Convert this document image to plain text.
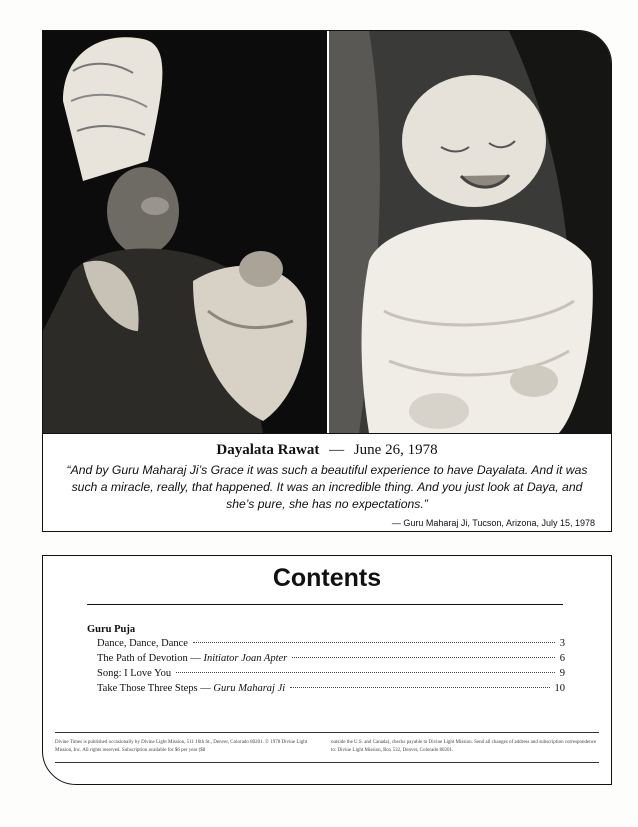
Dayalata Rawat — June 26, 1978
“And by Guru Maharaj Ji’s Grace it was such a beautiful experience to have Dayalata. And it was such a miracle, really, that happened. It was an incredible thing. And you just look at Daya, and she’s pure, she has no expectations.”
— Guru Maharaj Ji, Tucson, Arizona, July 15, 1978
Contents
Guru Puja
Dance, Dance, Dance	3
The Path of Devotion — Initiator Joan Apter	6
Song: I Love You	9
Take Those Three Steps — Guru Maharaj Ji	10
Divine Times is published occasionally by Divine Light Mission, 511 16th St., Denver, Colorado 80201. © 1978 Divine Light Mission, Inc. All rights reserved. Subscription available for $6 per year ($8
outside the U.S. and Canada), checks payable to Divine Light Mission. Send all changes of address and subscription correspondence to: Divine Light Mission, Box 532, Denver, Colorado 80201.
